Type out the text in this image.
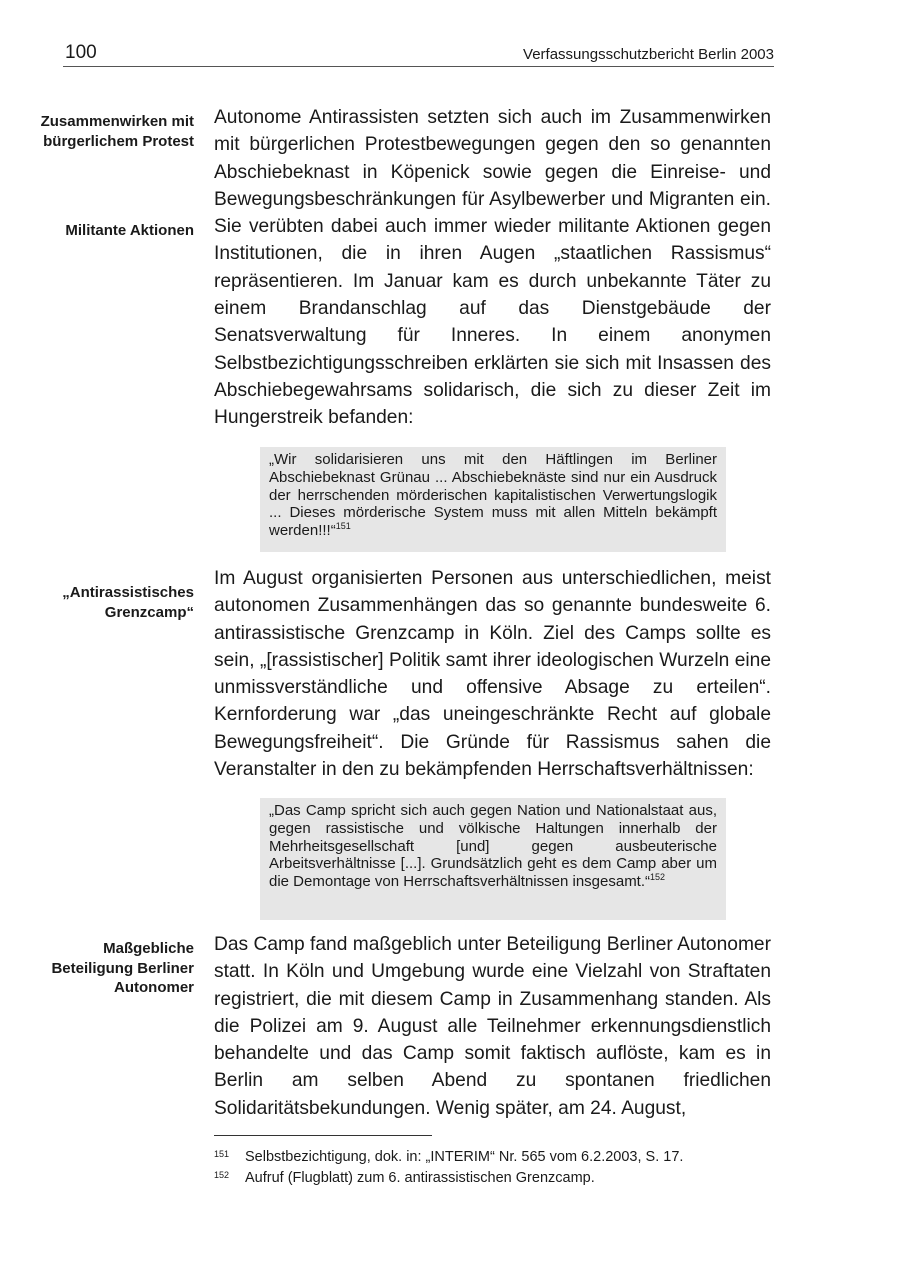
100	Verfassungsschutzbericht Berlin 2003
Zusammenwirken mit bürgerlichem Protest
Militante Aktionen

Autonome Antirassisten setzten sich auch im Zusammenwirken mit bürgerlichen Protestbewegungen gegen den so genannten Abschiebeknast in Köpenick sowie gegen die Einreise- und Bewegungsbeschränkungen für Asylbewerber und Migranten ein. Sie verübten dabei auch immer wieder militante Aktionen gegen Institutionen, die in ihren Augen „staatlichen Rassismus“ repräsentieren. Im Januar kam es durch unbekannte Täter zu einem Brandanschlag auf das Dienstgebäude der Senatsverwaltung für Inneres. In einem anonymen Selbstbezichtigungsschreiben erklärten sie sich mit Insassen des Abschiebegewahrsams solidarisch, die sich zu dieser Zeit im Hungerstreik befanden:

„Wir solidarisieren uns mit den Häftlingen im Berliner Abschiebeknast Grünau ... Abschiebeknäste sind nur ein Ausdruck der herrschenden mörderischen kapitalistischen Verwertungslogik ... Dieses mörderische System muss mit allen Mitteln bekämpft werden!!!“$^{151}$

„Antirassistisches Grenzcamp“

Im August organisierten Personen aus unterschiedlichen, meist autonomen Zusammenhängen das so genannte bundesweite 6. antirassistische Grenzcamp in Köln. Ziel des Camps sollte es sein, „[rassistischer] Politik samt ihrer ideologischen Wurzeln eine unmissverständliche und offensive Absage zu erteilen“. Kernforderung war „das uneingeschränkte Recht auf globale Bewegungsfreiheit“. Die Gründe für Rassismus sahen die Veranstalter in den zu bekämpfenden Herrschaftsverhältnissen:

„Das Camp spricht sich auch gegen Nation und Nationalstaat aus, gegen rassistische und völkische Haltungen innerhalb der Mehrheitsgesellschaft [und] gegen ausbeuterische Arbeitsverhältnisse [...]. Grundsätzlich geht es dem Camp aber um die Demontage von Herrschaftsverhältnissen insgesamt.“$^{152}$

Maßgebliche Beteiligung Berliner Autonomer

Das Camp fand maßgeblich unter Beteiligung Berliner Autonomer statt. In Köln und Umgebung wurde eine Vielzahl von Straftaten registriert, die mit diesem Camp in Zusammenhang standen. Als die Polizei am 9. August alle Teilnehmer erkennungsdienstlich behandelte und das Camp somit faktisch auflöste, kam es in Berlin am selben Abend zu spontanen friedlichen Solidaritätsbekundungen. Wenig später, am 24. August,

151 Selbstbezichtigung, dok. in: „INTERIM“ Nr. 565 vom 6.2.2003, S. 17.
152 Aufruf (Flugblatt) zum 6. antirassistischen Grenzcamp.
